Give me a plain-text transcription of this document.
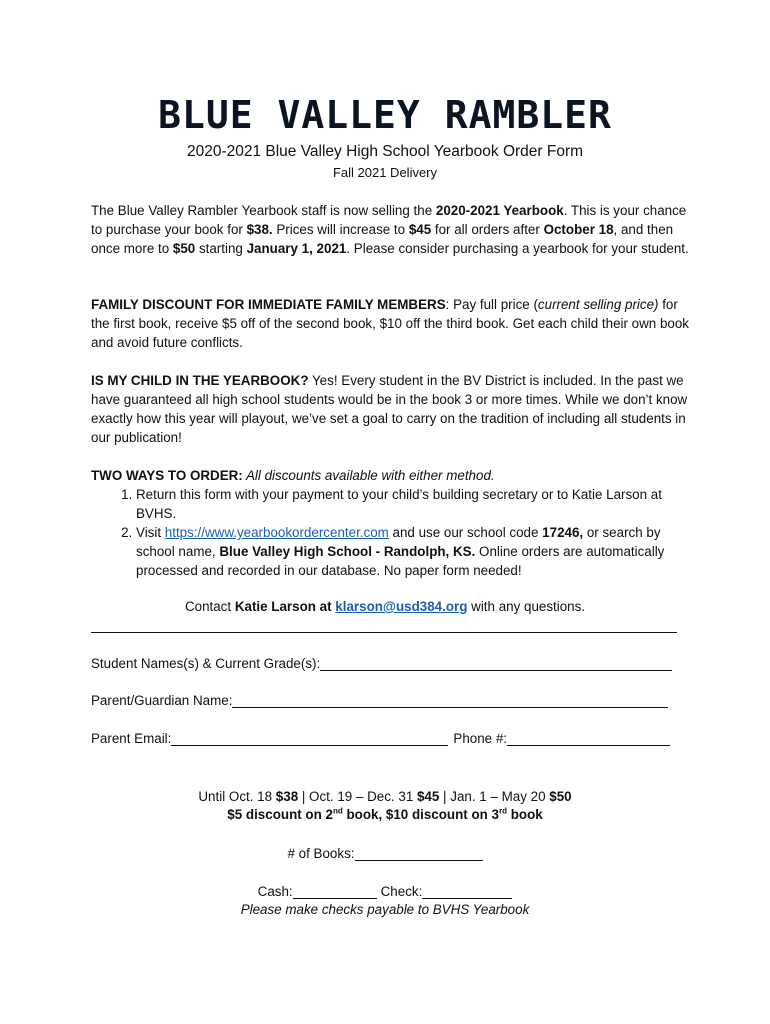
BLUE VALLEY RAMBLER
2020-2021 Blue Valley High School Yearbook Order Form
Fall 2021 Delivery

The Blue Valley Rambler Yearbook staff is now selling the 2020-2021 Yearbook. This is your chance to purchase your book for $38. Prices will increase to $45 for all orders after October 18, and then once more to $50 starting January 1, 2021. Please consider purchasing a yearbook for your student.

FAMILY DISCOUNT FOR IMMEDIATE FAMILY MEMBERS: Pay full price (current selling price) for the first book, receive $5 off of the second book, $10 off the third book. Get each child their own book and avoid future conflicts.

IS MY CHILD IN THE YEARBOOK? Yes! Every student in the BV District is included. In the past we have guaranteed all high school students would be in the book 3 or more times. While we don’t know exactly how this year will playout, we’ve set a goal to carry on the tradition of including all students in our publication!

TWO WAYS TO ORDER: All discounts available with either method.

1. Return this form with your payment to your child’s building secretary or to Katie Larson at BVHS.
2. Visit https://www.yearbookordercenter.com and use our school code 17246, or search by school name, Blue Valley High School - Randolph, KS. Online orders are automatically processed and recorded in our database. No paper form needed!
Contact Katie Larson at klarson@usd384.org with any questions.
Student Names(s) & Current Grade(s):
Parent/Guardian Name:
Parent Email:	Phone #:
Until Oct. 18 $38 | Oct. 19 – Dec. 31 $45 | Jan. 1 – May 20 $50
$5 discount on 2nd book, $10 discount on 3rd book
# of Books:
Cash:	Check:
Please make checks payable to BVHS Yearbook
